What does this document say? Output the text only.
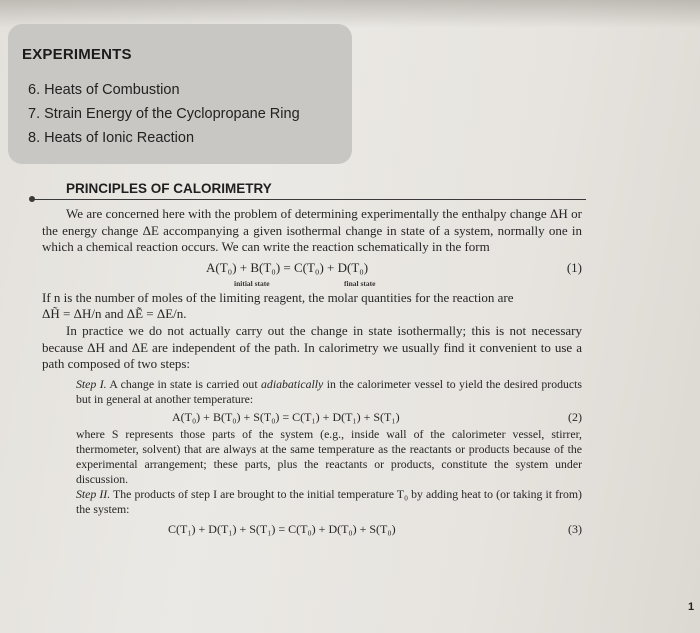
EXPERIMENTS
6. Heats of Combustion
7. Strain Energy of the Cyclopropane Ring
8. Heats of Ionic Reaction
PRINCIPLES OF CALORIMETRY

We are concerned here with the problem of determining experimentally the enthalpy change ΔH or the energy change ΔE accompanying a given isothermal change in state of a system, normally one in which a chemical reaction occurs. We can write the reaction schematically in the form

A(T₀) + B(T₀) = C(T₀) + D(T₀)	(1)
initial state	final state

If n is the number of moles of the limiting reagent, the molar quantities for the reaction are

ΔH̃ = ΔH/n and ΔẼ = ΔE/n.

In practice we do not actually carry out the change in state isothermally; this is not necessary because ΔH and ΔE are independent of the path. In calorimetry we usually find it convenient to use a path composed of two steps:

Step I. A change in state is carried out adiabatically in the calorimeter vessel to yield the desired products but in general at another temperature:

A(T₀) + B(T₀) + S(T₀) = C(T₁) + D(T₁) + S(T₁)	(2)

where S represents those parts of the system (e.g., inside wall of the calorimeter vessel, stirrer, thermometer, solvent) that are always at the same temperature as the reactants or products because of the experimental arrangement; these parts, plus the reactants or products, constitute the system under discussion.

Step II. The products of step I are brought to the initial temperature T₀ by adding heat to (or taking it from) the system:

C(T₁) + D(T₁) + S(T₁) = C(T₀) + D(T₀) + S(T₀)	(3)
1
